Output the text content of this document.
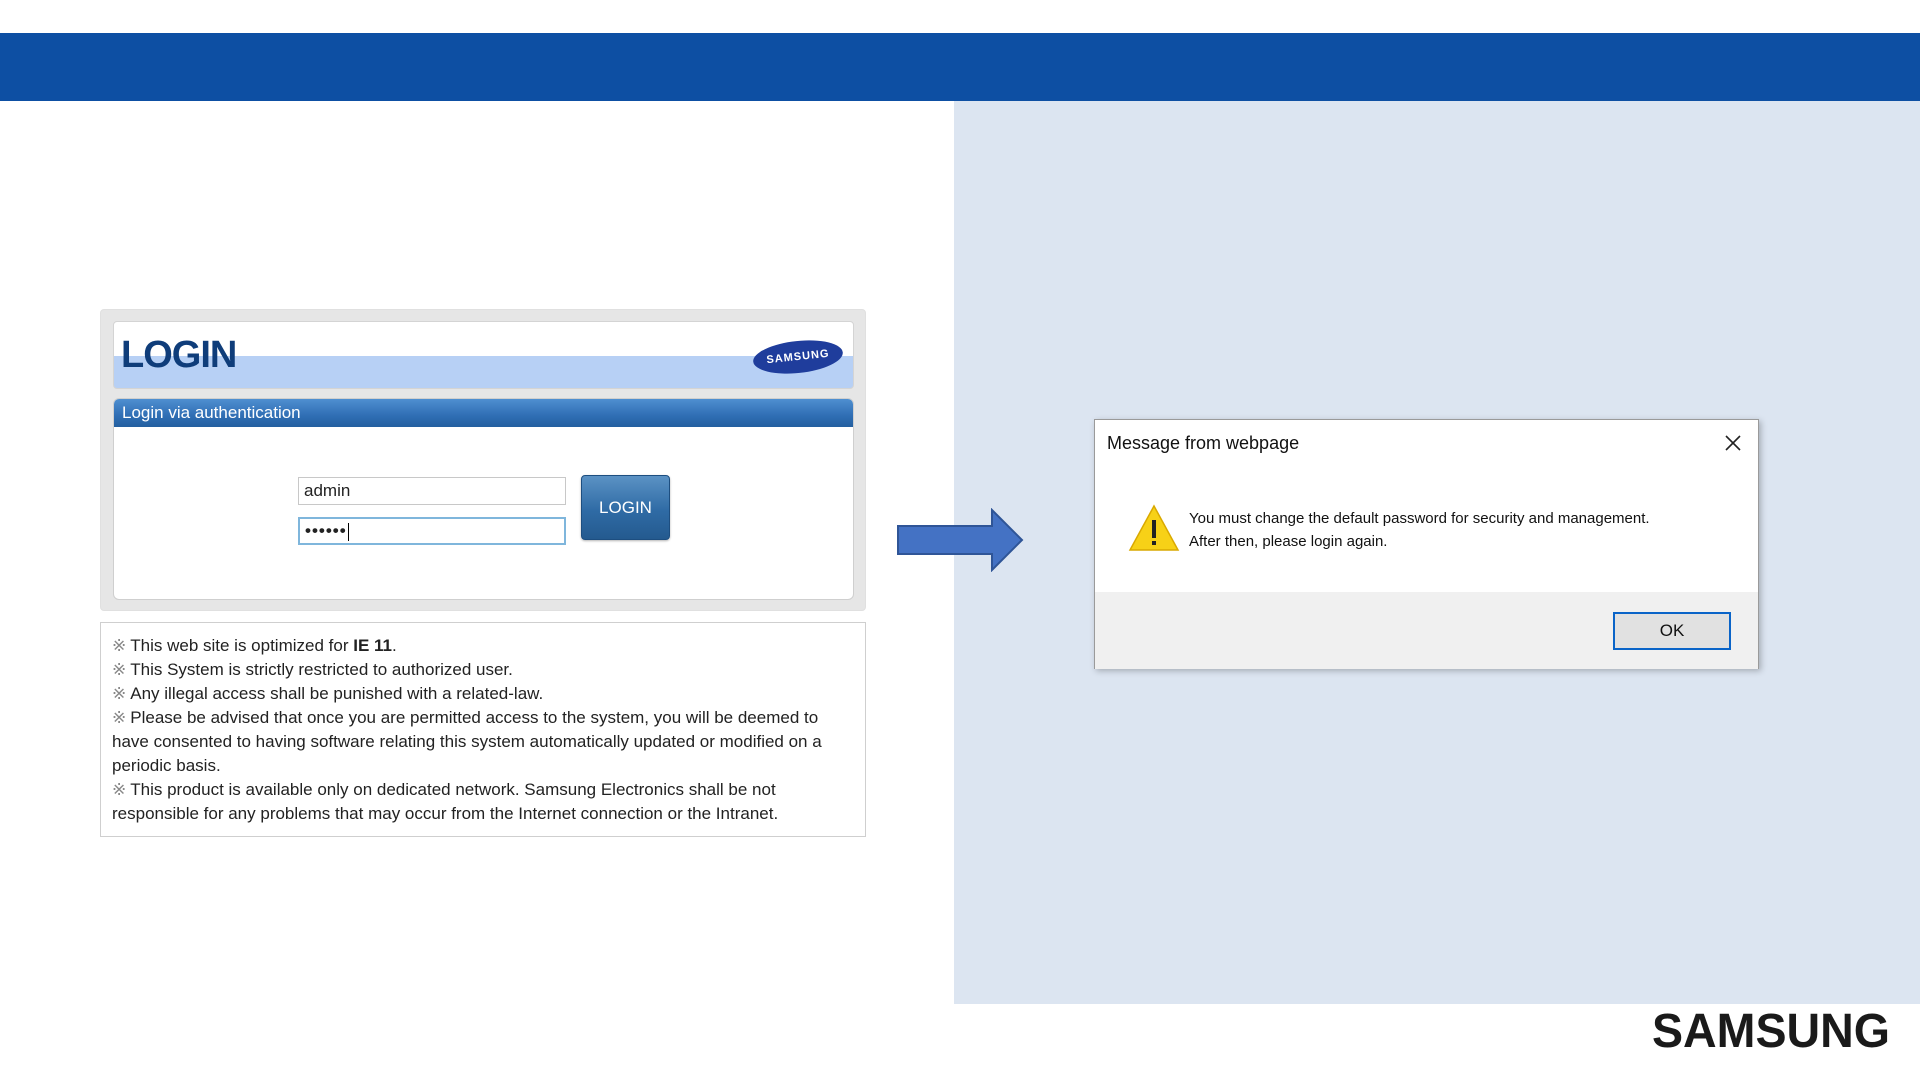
LOGIN	SAMSUNG
Login via authentication
admin
••••••
LOGIN

※ This web site is optimized for IE 11.

※ This System is strictly restricted to authorized user.

※ Any illegal access shall be punished with a related-law.

※ Please be advised that once you are permitted access to the system, you will be deemed to have consented to having software relating this system automatically updated or modified on a periodic basis.

※ This product is available only on dedicated network. Samsung Electronics shall be not responsible for any problems that may occur from the Internet connection or the Intranet.

Message from webpage

You must change the default password for security and management.

After then, please login again.

OK
SAMSUNG
